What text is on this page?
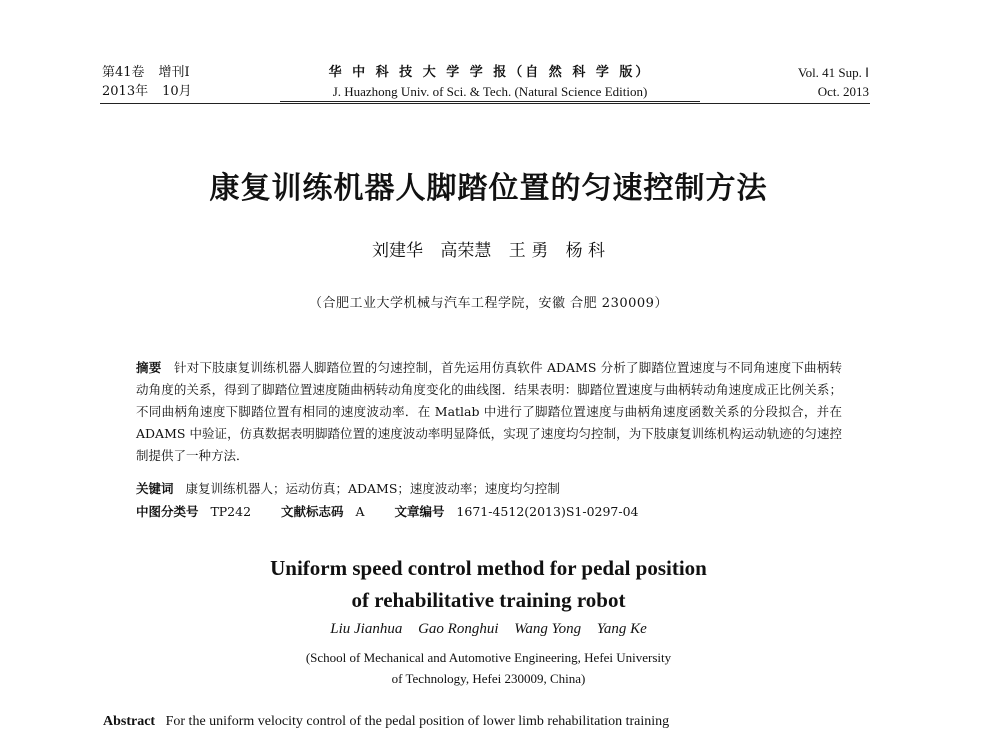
第41卷 增刊Ⅰ
2013年 10月
华 中 科 技 大 学 学 报（自 然 科 学 版）
J. Huazhong Univ. of Sci. & Tech. (Natural Science Edition)
Vol. 41 Sup. Ⅰ
Oct. 2013
康复训练机器人脚踏位置的匀速控制方法
刘建华 高荣慧 王 勇 杨 科
（合肥工业大学机械与汽车工程学院，安徽 合肥 230009）
摘要 针对下肢康复训练机器人脚踏位置的匀速控制，首先运用仿真软件 ADAMS 分析了脚踏位置速度与不同角速度下曲柄转动角度的关系，得到了脚踏位置速度随曲柄转动角度变化的曲线图．结果表明：脚踏位置速度与曲柄转动角速度成正比例关系；不同曲柄角速度下脚踏位置有相同的速度波动率．在 Matlab 中进行了脚踏位置速度与曲柄角速度函数关系的分段拟合，并在 ADAMS 中验证，仿真数据表明脚踏位置的速度波动率明显降低，实现了速度均匀控制，为下肢康复训练机构运动轨迹的匀速控制提供了一种方法．
关键词 康复训练机器人；运动仿真；ADAMS；速度波动率；速度均匀控制
中图分类号 TP242 文献标志码 A 文章编号 1671-4512(2013)S1-0297-04
Uniform speed control method for pedal position
of rehabilitative training robot
Liu Jianhua Gao Ronghui Wang Yong Yang Ke
(School of Mechanical and Automotive Engineering, Hefei University
of Technology, Hefei 230009, China)
Abstract For the uniform velocity control of the pedal position of lower limb rehabilitation training
